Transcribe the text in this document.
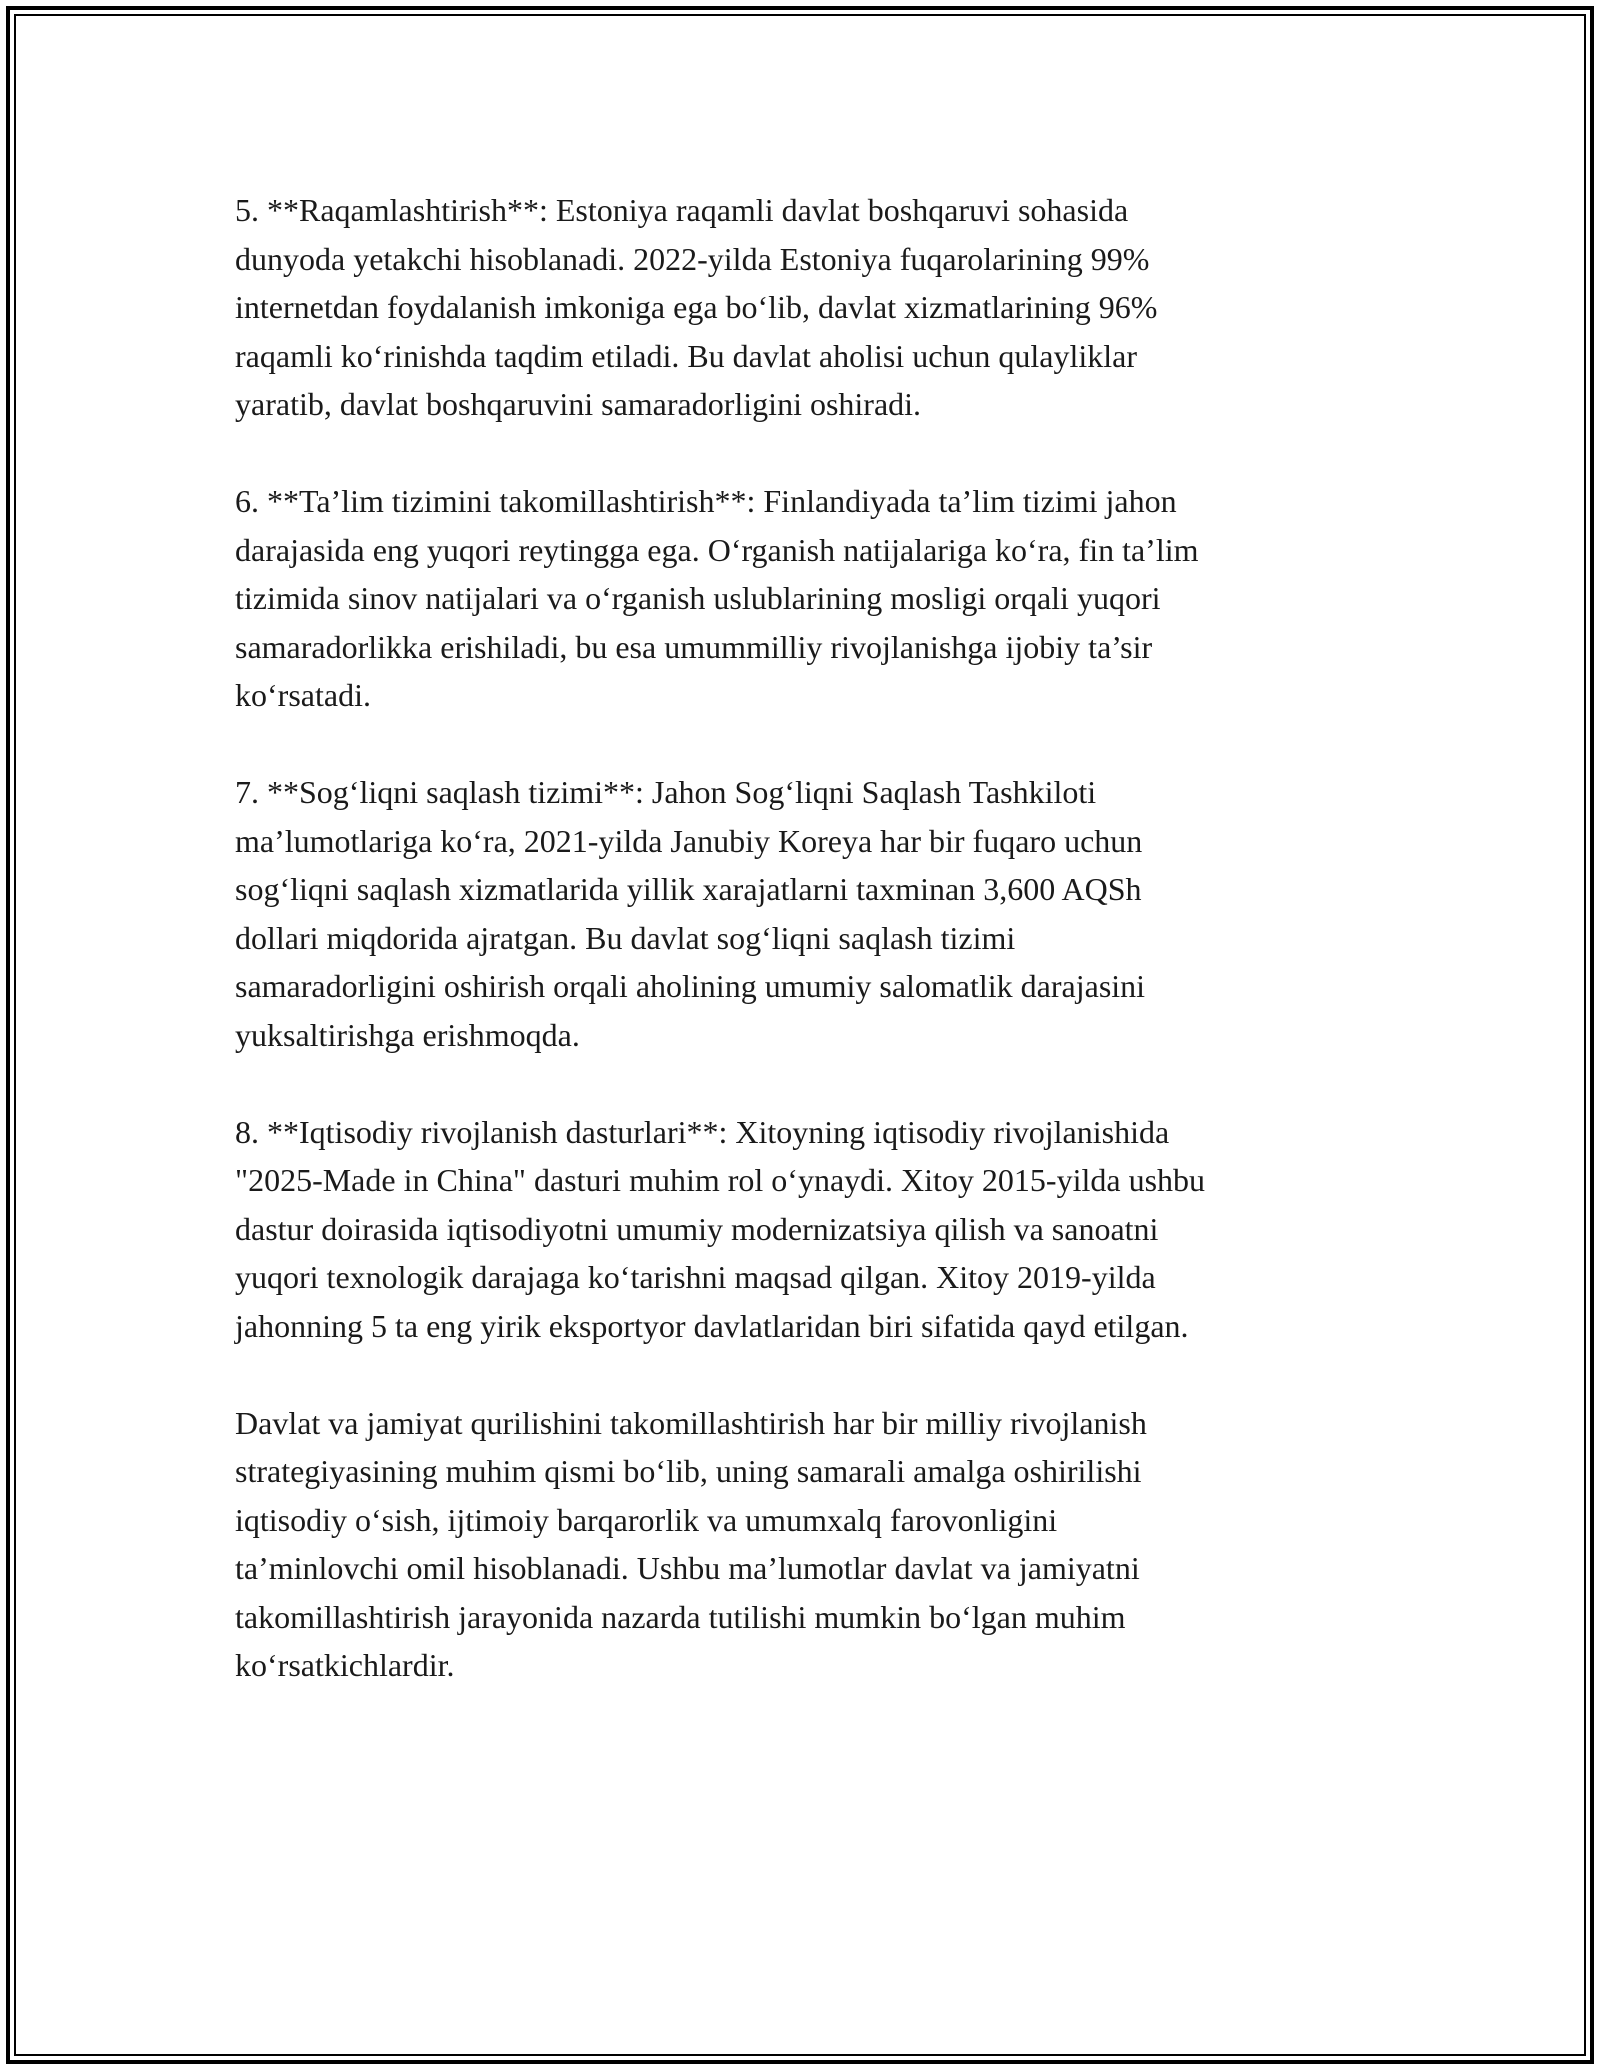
5. **Raqamlashtirish**: Estoniya raqamli davlat boshqaruvi sohasida
dunyoda yetakchi hisoblanadi. 2022-yilda Estoniya fuqarolarining 99%
internetdan foydalanish imkoniga ega bo‘lib, davlat xizmatlarining 96%
raqamli ko‘rinishda taqdim etiladi. Bu davlat aholisi uchun qulayliklar
yaratib, davlat boshqaruvini samaradorligini oshiradi.

6. **Ta’lim tizimini takomillashtirish**: Finlandiyada ta’lim tizimi jahon
darajasida eng yuqori reytingga ega. O‘rganish natijalariga ko‘ra, fin ta’lim
tizimida sinov natijalari va o‘rganish uslublarining mosligi orqali yuqori
samaradorlikka erishiladi, bu esa umummilliy rivojlanishga ijobiy ta’sir
ko‘rsatadi.

7. **Sog‘liqni saqlash tizimi**: Jahon Sog‘liqni Saqlash Tashkiloti
ma’lumotlariga ko‘ra, 2021-yilda Janubiy Koreya har bir fuqaro uchun
sog‘liqni saqlash xizmatlarida yillik xarajatlarni taxminan 3,600 AQSh
dollari miqdorida ajratgan. Bu davlat sog‘liqni saqlash tizimi
samaradorligini oshirish orqali aholining umumiy salomatlik darajasini
yuksaltirishga erishmoqda.

8. **Iqtisodiy rivojlanish dasturlari**: Xitoyning iqtisodiy rivojlanishida
"2025-Made in China" dasturi muhim rol o‘ynaydi. Xitoy 2015-yilda ushbu
dastur doirasida iqtisodiyotni umumiy modernizatsiya qilish va sanoatni
yuqori texnologik darajaga ko‘tarishni maqsad qilgan. Xitoy 2019-yilda
jahonning 5 ta eng yirik eksportyor davlatlaridan biri sifatida qayd etilgan.

Davlat va jamiyat qurilishini takomillashtirish har bir milliy rivojlanish
strategiyasining muhim qismi bo‘lib, uning samarali amalga oshirilishi
iqtisodiy o‘sish, ijtimoiy barqarorlik va umumxalq farovonligini
ta’minlovchi omil hisoblanadi. Ushbu ma’lumotlar davlat va jamiyatni
takomillashtirish jarayonida nazarda tutilishi mumkin bo‘lgan muhim
ko‘rsatkichlardir.
